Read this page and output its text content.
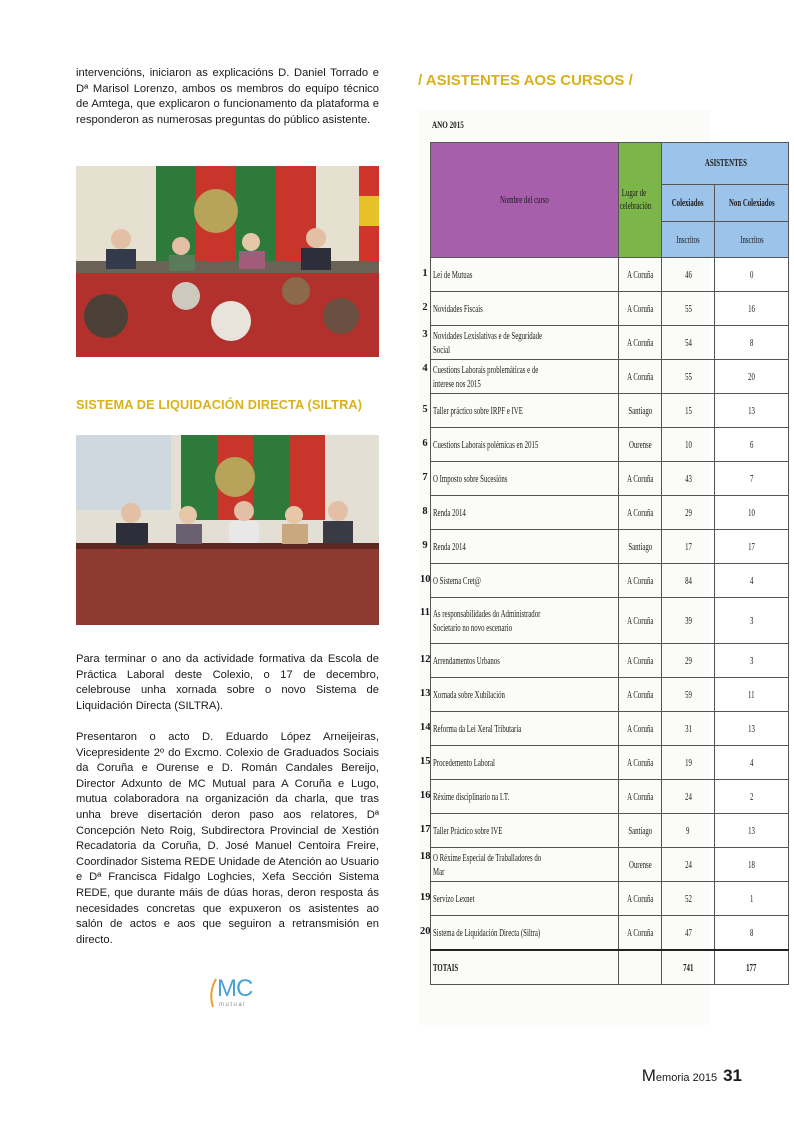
intervencións, iniciaron as explicacións D. Daniel Torrado e Dª Marisol Lorenzo, ambos os membros do equipo técnico de Amtega, que explicaron o funcionamento da plataforma e responderon as numerosas preguntas do público asistente.

SISTEMA DE LIQUIDACIÓN DIRECTA (SILTRA)

Para terminar o ano da actividade formativa da Escola de Práctica Laboral deste Colexio, o 17 de decembro, celebrouse unha xornada sobre o novo Sistema de Liquidación Directa (SILTRA).

Presentaron o acto D. Eduardo López Arneijeiras, Vicepresidente 2º do Excmo. Colexio de Graduados Sociais da Coruña e Ourense e D. Román Candales Bereijo, Director Adxunto de MC Mutual para A Coruña e Lugo, mutua colaboradora na organización da charla, que tras unha breve disertación deron paso aos relatores, Dª Concepción Neto Roig, Subdirectora Provincial de Xestión Recadatoria da Coruña, D. José Manuel Centoira Freire, Coordinador Sistema REDE Unidade de Atención ao Usuario e Dª Francisca Fidalgo Loghcies, Xefa Sección Sistema REDE, que durante máis de dúas horas, deron resposta ás necesidades concretas que expuxeron os asistentes ao salón de actos e aos que seguiron a retransmisión en directo.

MC
mutual
/ ASISTENTES AOS CURSOS /
ANO 2015
Nombre del curso	Lugar de celebración	ASISTENTES	
		Colexiados	Non Colexiados
		Inscritos	Inscritos

1 Lei de Mutuas	A Coruña	46	0

2 Novidades Fiscais	A Coruña	55	16

3 Novidades Lexislativas e de Seguridade Social	A Coruña	54	8

4 Cuestions Laborais problemáticas e de interese nos 2015	A Coruña	55	20

5 Taller práctico sobre IRPF e IVE	Santiago	15	13

6 Cuestions Laborais polémicas en 2015	Ourense	10	6

7 O Imposto sobre Sucesións	A Coruña	43	7

8 Renda 2014	A Coruña	29	10

9 Renda 2014	Santiago	17	17

10 O Sistema Cret@	A Coruña	84	4

11 As responsabilidades do Administrador Societario no novo escenario	A Coruña	39	3

12 Arrendamentos Urbanos	A Coruña	29	3

13 Xornada sobre Xubilación	A Coruña	59	11

14 Reforma da Lei Xeral Tributaria	A Coruña	31	13

15 Procedemento Laboral	A Coruña	19	4

16 Réxime disciplinario na I.T.	A Coruña	24	2

17 Taller Práctico sobre IVE	Santiago	9	13

18 O Réxime Especial de Traballadores do Mar	Ourense	24	18

19 Servizo Lexnet	A Coruña	52	1

20 Sistema de Liquidación Directa (Siltra)	A Coruña	47	8
TOTAIS		741	177
Memoria 2015 31
